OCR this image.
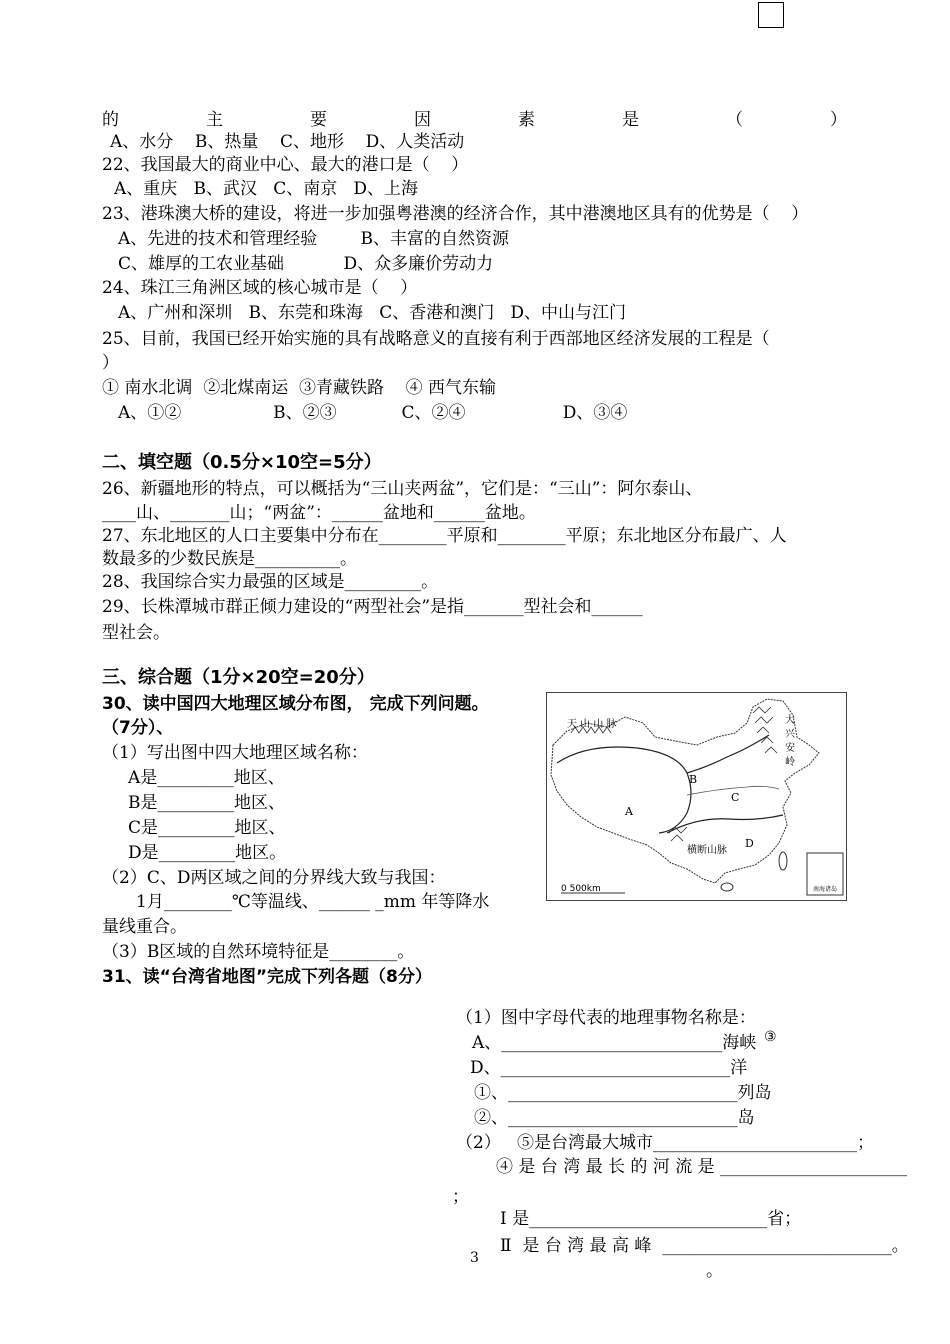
的	主	要	因	素	是	（	）
A、水分    B、热量    C、地形    D、人类活动
22、我国最大的商业中心、最大的港口是（    ）
A、重庆   B、武汉   C、南京   D、上海
23、港珠澳大桥的建设，将进一步加强粤港澳的经济合作，其中港澳地区具有的优势是（    ）
A、先进的技术和管理经验        B、丰富的自然资源
C、雄厚的工农业基础           D、众多廉价劳动力
24、珠江三角洲区域的核心城市是（    ）
A、广州和深圳   B、东莞和珠海   C、香港和澳门   D、中山与江门
25、目前，我国已经开始实施的具有战略意义的直接有利于西部地区经济发展的工程是（
）
① 南水北调  ②北煤南运  ③青藏铁路    ④ 西气东输
A、①②                 B、②③            C、②④                  D、③④
二、填空题（0.5分×10空=5分）
26、新疆地形的特点，可以概括为“三山夹两盆”，它们是：“三山”：阿尔泰山、
____山、_______山；“两盆”：______盆地和______盆地。
27、东北地区的人口主要集中分布在________平原和________平原；东北地区分布最广、人
数最多的少数民族是__________。
28、我国综合实力最强的区域是_________。
29、长株潭城市群正倾力建设的“两型社会”是指_______型社会和______
型社会。
三、综合题（1分×20空=20分）
30、读中国四大地理区域分布图， 完成下列问题。
（7分）、
（1）写出图中四大地理区域名称：
A是_________地区、
B是_________地区、
C是_________地区、
D是_________地区。
（2）C、D两区域之间的分界线大致与我国：
1月________℃等温线、______ _mm 年等降水
量线重合。
（3）B区域的自然环境特征是________。
南海诸岛
天 山 山 脉	大
兴
安
岭
横断山脉
A
B
C
D
0 500km
31、读“台湾省地图”完成下列各题（8分）
（1）图中字母代表的地理事物名称是：
A、__________________________海峡 ③
D、___________________________洋
①、___________________________列岛
②、___________________________岛
（2）   ⑤是台湾最大城市________________________；
④ 是 台 湾 最 长 的 河 流 是 ______________________
；
Ⅰ 是____________________________省；
Ⅱ  是 台 湾 最 高 峰  ___________________________。
。
3
